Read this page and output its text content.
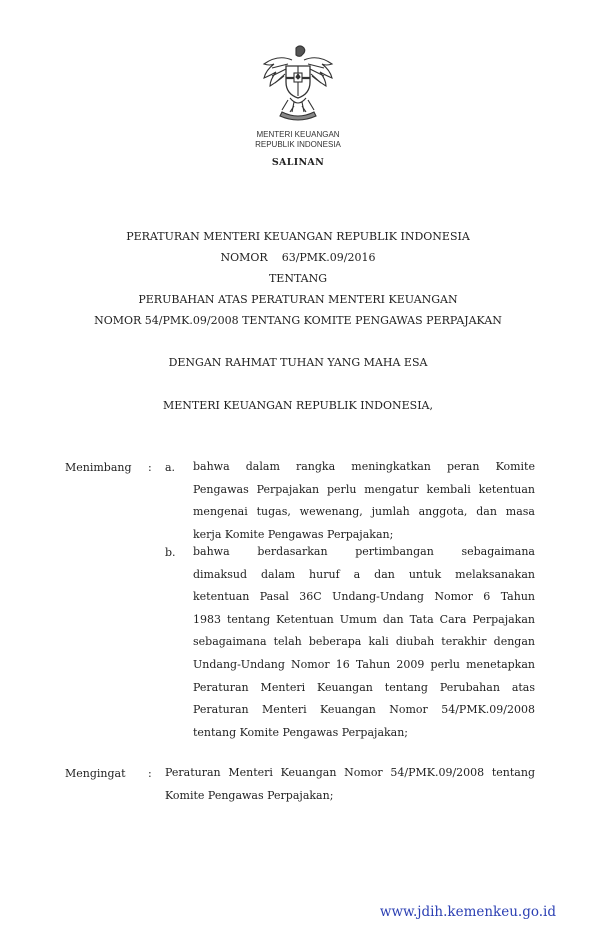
MENTERI KEUANGAN
REPUBLIK INDONESIA
SALINAN
PERATURAN MENTERI KEUANGAN REPUBLIK INDONESIA
NOMOR    63/PMK.09/2016
TENTANG
PERUBAHAN ATAS PERATURAN MENTERI KEUANGAN
NOMOR 54/PMK.09/2008 TENTANG KOMITE PENGAWAS PERPAJAKAN
DENGAN RAHMAT TUHAN YANG MAHA ESA
MENTERI KEUANGAN REPUBLIK INDONESIA,
Menimbang : a. bahwa dalam rangka meningkatkan peran Komite
Pengawas Perpajakan perlu mengatur kembali ketentuan
mengenai tugas, wewenang, jumlah anggota, dan masa
kerja Komite Pengawas Perpajakan;
b. bahwa berdasarkan pertimbangan sebagaimana
dimaksud dalam huruf a dan untuk melaksanakan
ketentuan Pasal 36C Undang-Undang Nomor 6 Tahun
1983 tentang Ketentuan Umum dan Tata Cara Perpajakan
sebagaimana telah beberapa kali diubah terakhir dengan
Undang-Undang Nomor 16 Tahun 2009 perlu menetapkan
Peraturan Menteri Keuangan tentang Perubahan atas
Peraturan Menteri Keuangan Nomor 54/PMK.09/2008
tentang Komite Pengawas Perpajakan;
Mengingat : Peraturan Menteri Keuangan Nomor 54/PMK.09/2008 tentang
Komite Pengawas Perpajakan;
www.jdih.kemenkeu.go.id
